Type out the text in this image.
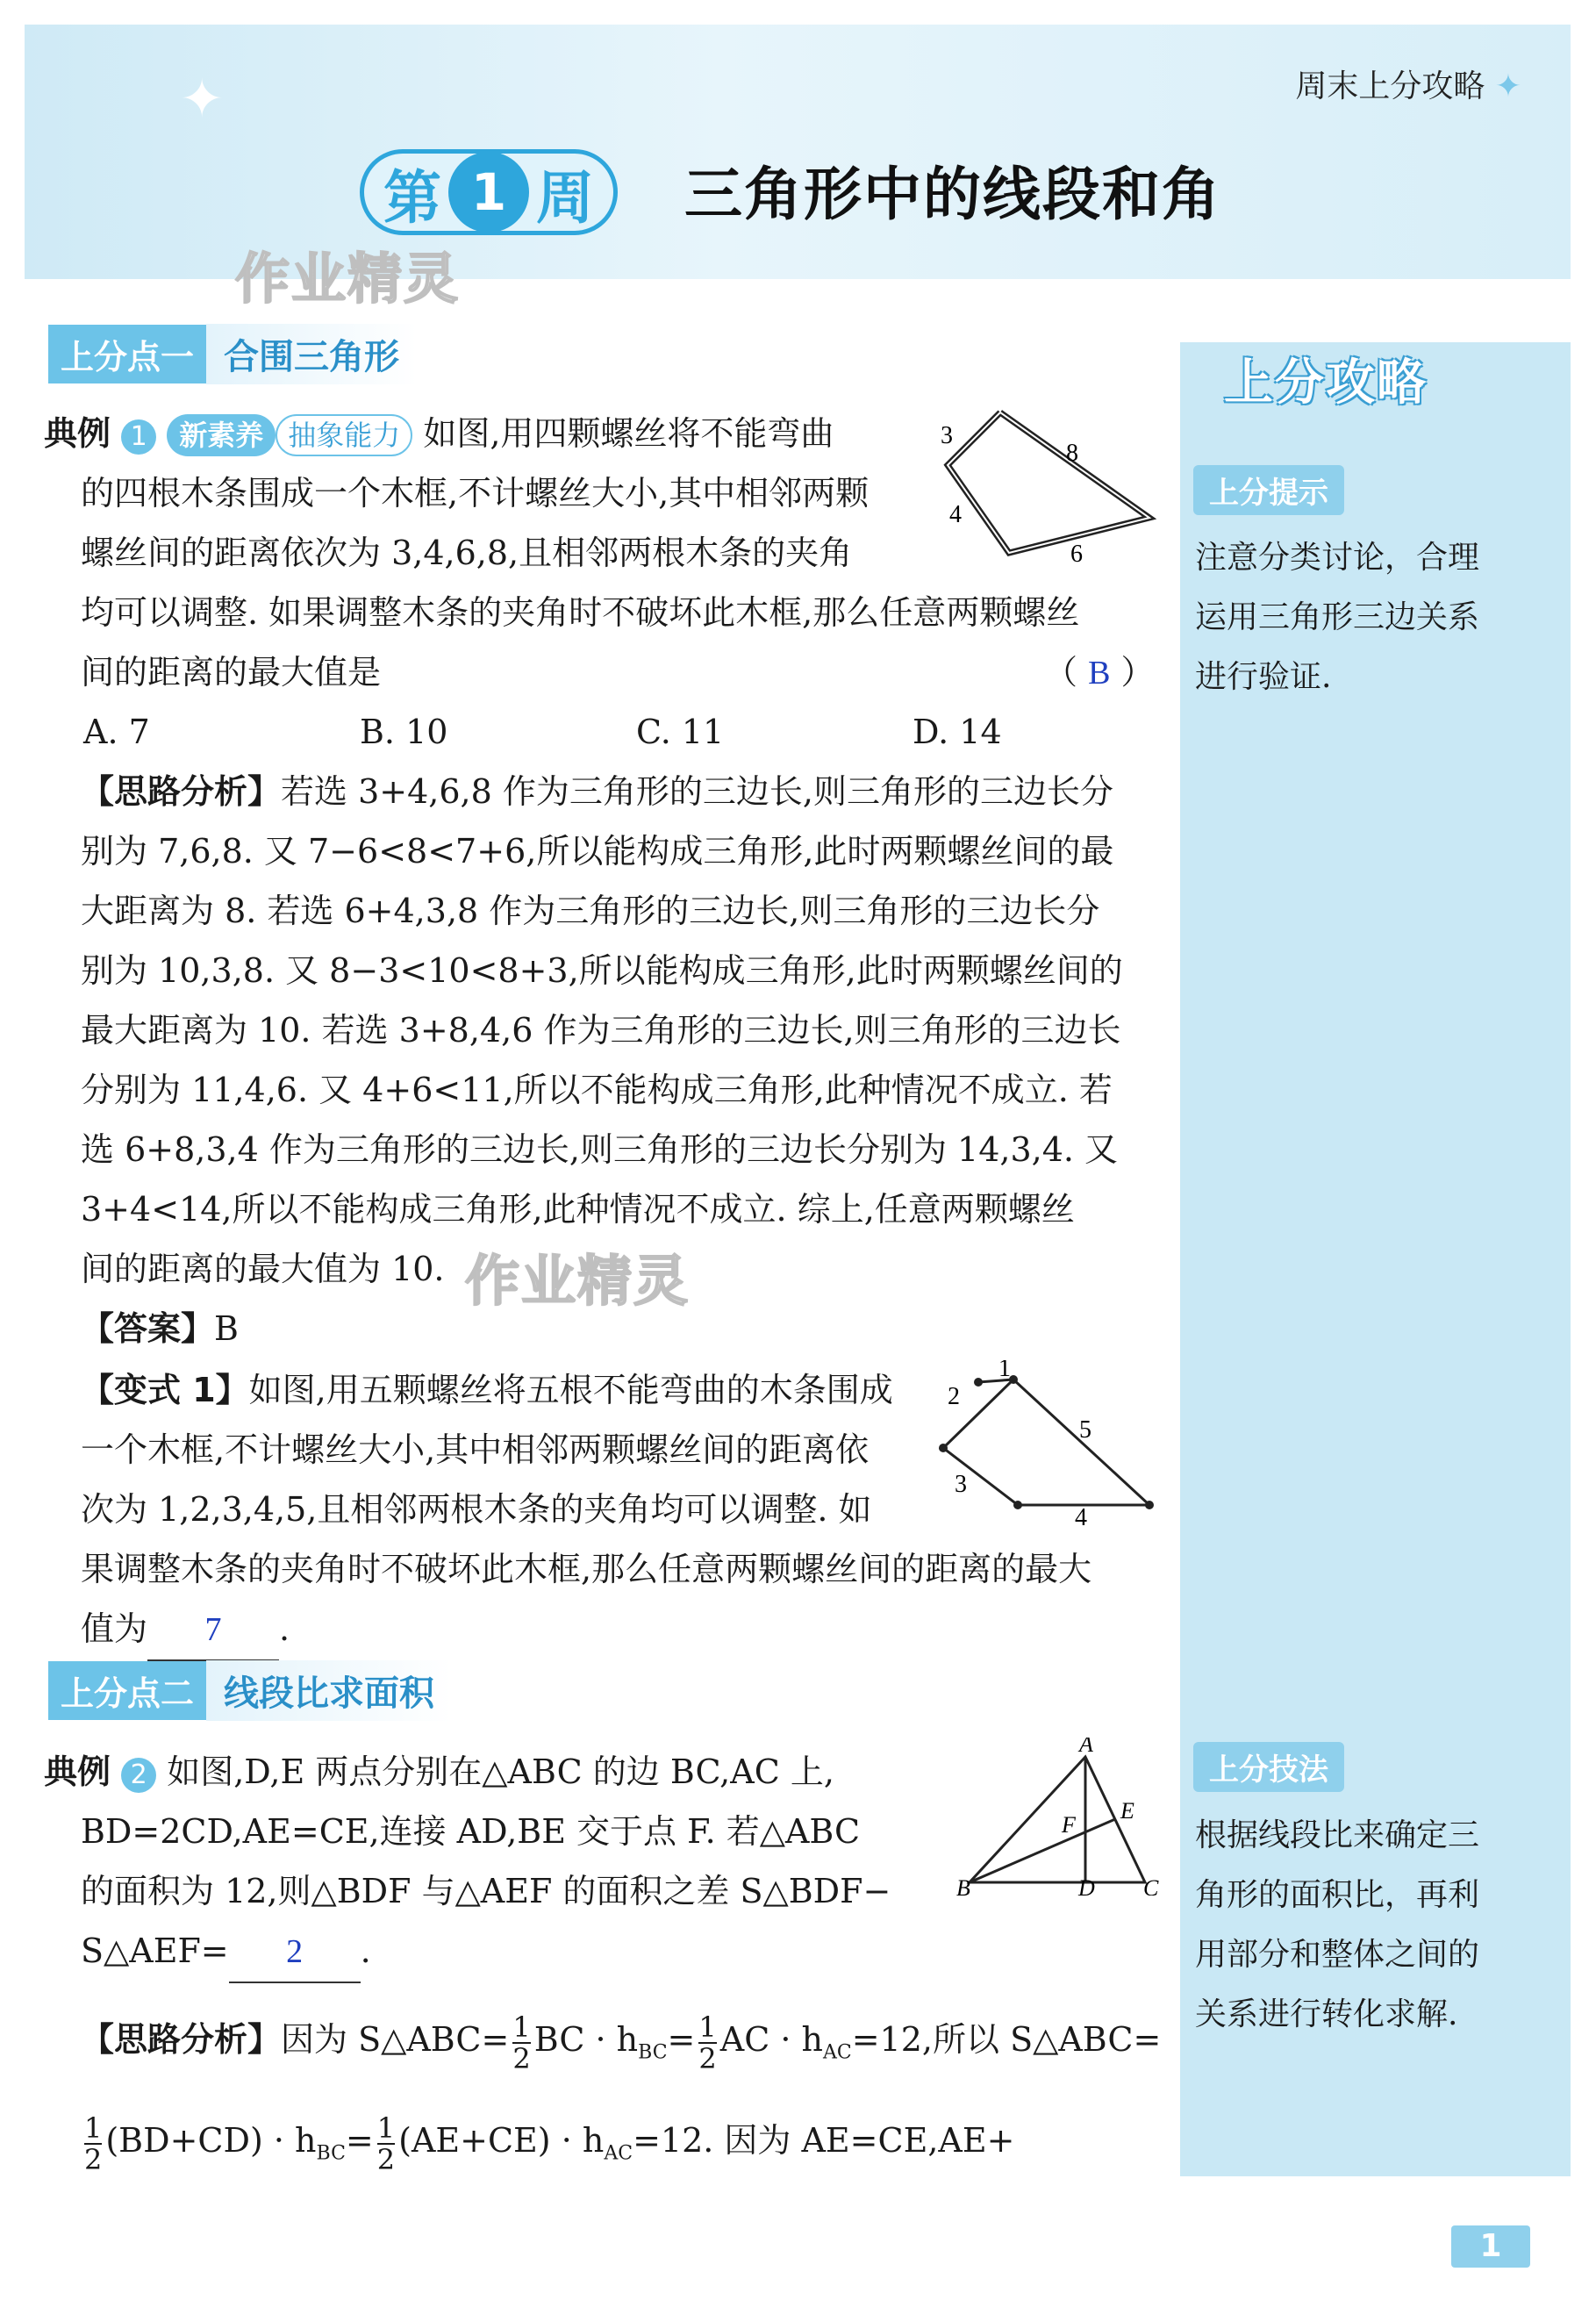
周末上分攻略 ✦
✦
第 1 周 三角形中的线段和角
作业精灵
上分攻略
上分提示
注意分类讨论，合理
运用三角形三边关系
进行验证.
上分技法
根据线段比来确定三
角形的面积比，再利
用部分和整体之间的
关系进行转化求解.
上分点一 合围三角形
典例 1 新素养 抽象能力 如图,用四颗螺丝将不能弯曲
的四根木条围成一个木框,不计螺丝大小,其中相邻两颗
螺丝间的距离依次为 3,4,6,8,且相邻两根木条的夹角
均可以调整. 如果调整木条的夹角时不破坏此木框,那么任意两颗螺丝
间的距离的最大值是	（ B ）
A. 7	B. 10	C. 11	D. 14
3
8
4
6
【思路分析】若选 3+4,6,8 作为三角形的三边长,则三角形的三边长分
别为 7,6,8. 又 7−6<8<7+6,所以能构成三角形,此时两颗螺丝间的最
大距离为 8. 若选 6+4,3,8 作为三角形的三边长,则三角形的三边长分
别为 10,3,8. 又 8−3<10<8+3,所以能构成三角形,此时两颗螺丝间的
最大距离为 10. 若选 3+8,4,6 作为三角形的三边长,则三角形的三边长
分别为 11,4,6. 又 4+6<11,所以不能构成三角形,此种情况不成立. 若
选 6+8,3,4 作为三角形的三边长,则三角形的三边长分别为 14,3,4. 又
3+4<14,所以不能构成三角形,此种情况不成立. 综上,任意两颗螺丝
间的距离的最大值为 10. 作业精灵
【答案】B
【变式 1】如图,用五颗螺丝将五根不能弯曲的木条围成
一个木框,不计螺丝大小,其中相邻两颗螺丝间的距离依
次为 1,2,3,4,5,且相邻两根木条的夹角均可以调整. 如
果调整木条的夹角时不破坏此木框,那么任意两颗螺丝间的距离的最大
值为 7 .
1
2
5
3
4
上分点二 线段比求面积
典例 2 如图,D,E 两点分别在△ABC 的边 BC,AC 上,
BD=2CD,AE=CE,连接 AD,BE 交于点 F. 若△ABC
的面积为 12,则△BDF 与△AEF 的面积之差 S△BDF−
S△AEF= 2 .
A
E
F
B	D C
【思路分析】因为 S△ABC= $\frac{1}{2}$ BC · $h_{BC}= \frac{1}{2}$ AC · $h_{AC}=12$,所以 S△ABC=
$\frac{1}{2} (BD+CD) \cdot h_{BC}= \frac{1}{2} (AE+CE) \cdot h_{AC}=12$. 因为 AE=CE,AE+
1
